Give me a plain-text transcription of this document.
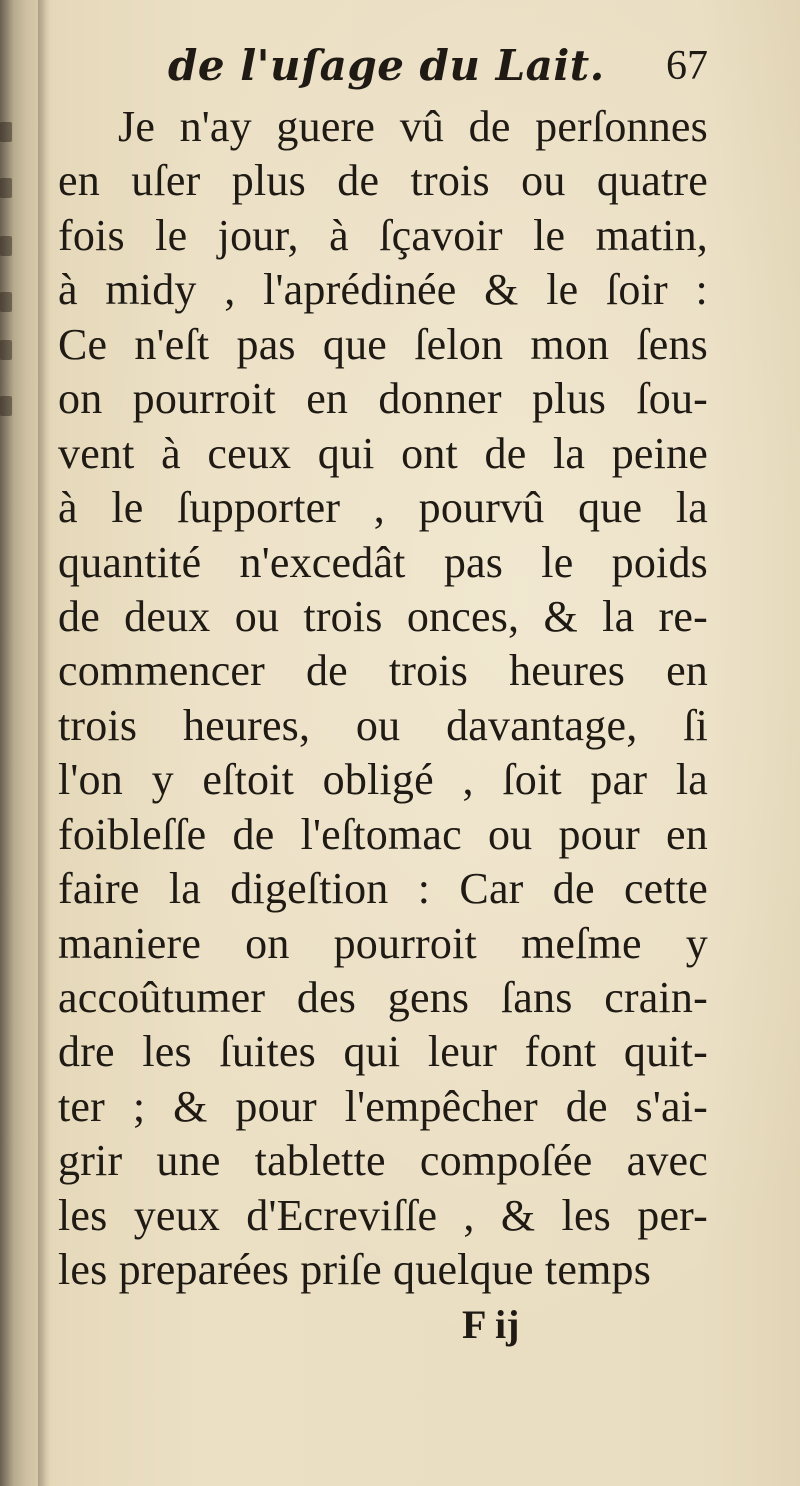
de l'uſage du Lait. 67
Je n'ay guere vû de perſonnes
en uſer plus de trois ou quatre
fois le jour, à ſçavoir le matin,
à midy , l'aprédinée & le ſoir :
Ce n'eſt pas que ſelon mon ſens
on pourroit en donner plus ſou-
vent à ceux qui ont de la peine
à le ſupporter , pourvû que la
quantité n'excedât pas le poids
de deux ou trois onces, & la re-
commencer de trois heures en
trois heures, ou davantage, ſi
l'on y eſtoit obligé , ſoit par la
foibleſſe de l'eſtomac ou pour en
faire la digeſtion : Car de cette
maniere on pourroit meſme y
accoûtumer des gens ſans crain-
dre les ſuites qui leur font quit-
ter ; & pour l'empêcher de s'ai-
grir une tablette compoſée avec
les yeux d'Ecreviſſe , & les per-
les preparées priſe quelque temps
F ij
